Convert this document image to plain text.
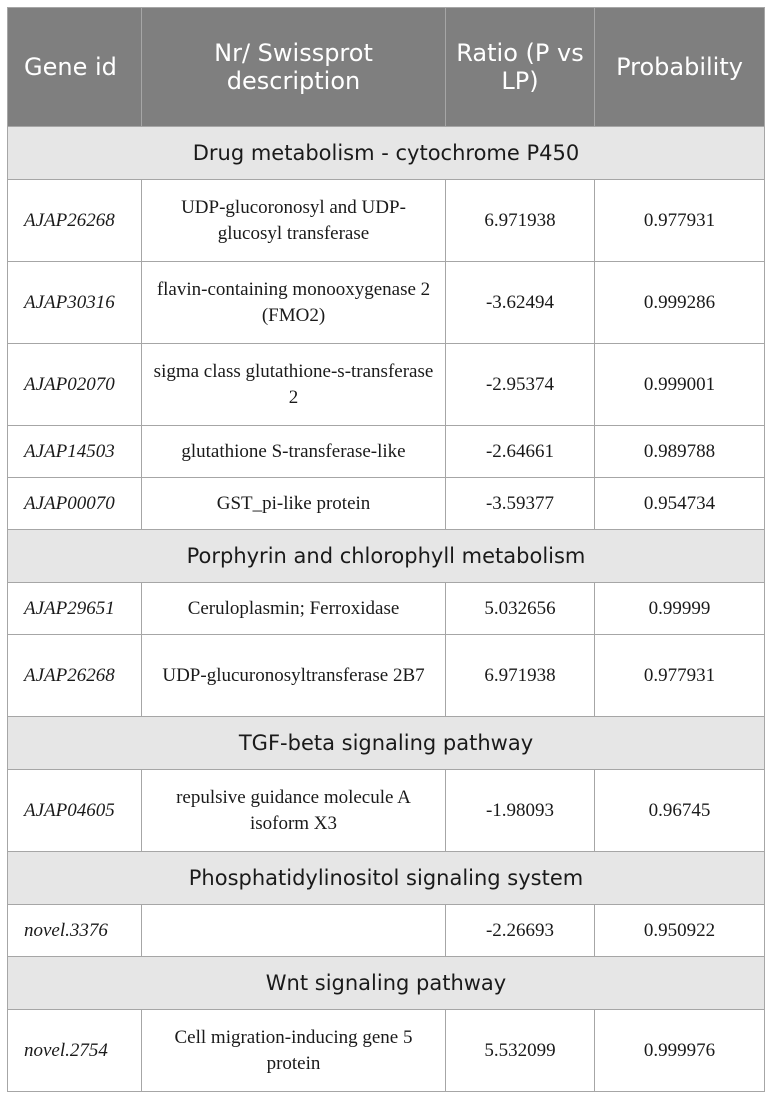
Gene id	Nr/ Swissprot description	Ratio (P vs LP)	Probability
Drug metabolism - cytochrome P450			
AJAP26268	UDP-glucoronosyl and UDP-glucosyl transferase	6.971938	0.977931
AJAP30316	flavin-containing monooxygenase 2 (FMO2)	-3.62494	0.999286
AJAP02070	sigma class glutathione-s-transferase 2	-2.95374	0.999001
AJAP14503	glutathione S-transferase-like	-2.64661	0.989788
AJAP00070	GST_pi-like protein	-3.59377	0.954734
Porphyrin and chlorophyll metabolism			
AJAP29651	Ceruloplasmin; Ferroxidase	5.032656	0.99999
AJAP26268	UDP-glucuronosyltransferase 2B7	6.971938	0.977931
TGF-beta signaling pathway			
AJAP04605	repulsive guidance molecule A isoform X3	-1.98093	0.96745
Phosphatidylinositol signaling system			
novel.3376		-2.26693	0.950922
Wnt signaling pathway			
novel.2754	Cell migration-inducing gene 5 protein	5.532099	0.999976
